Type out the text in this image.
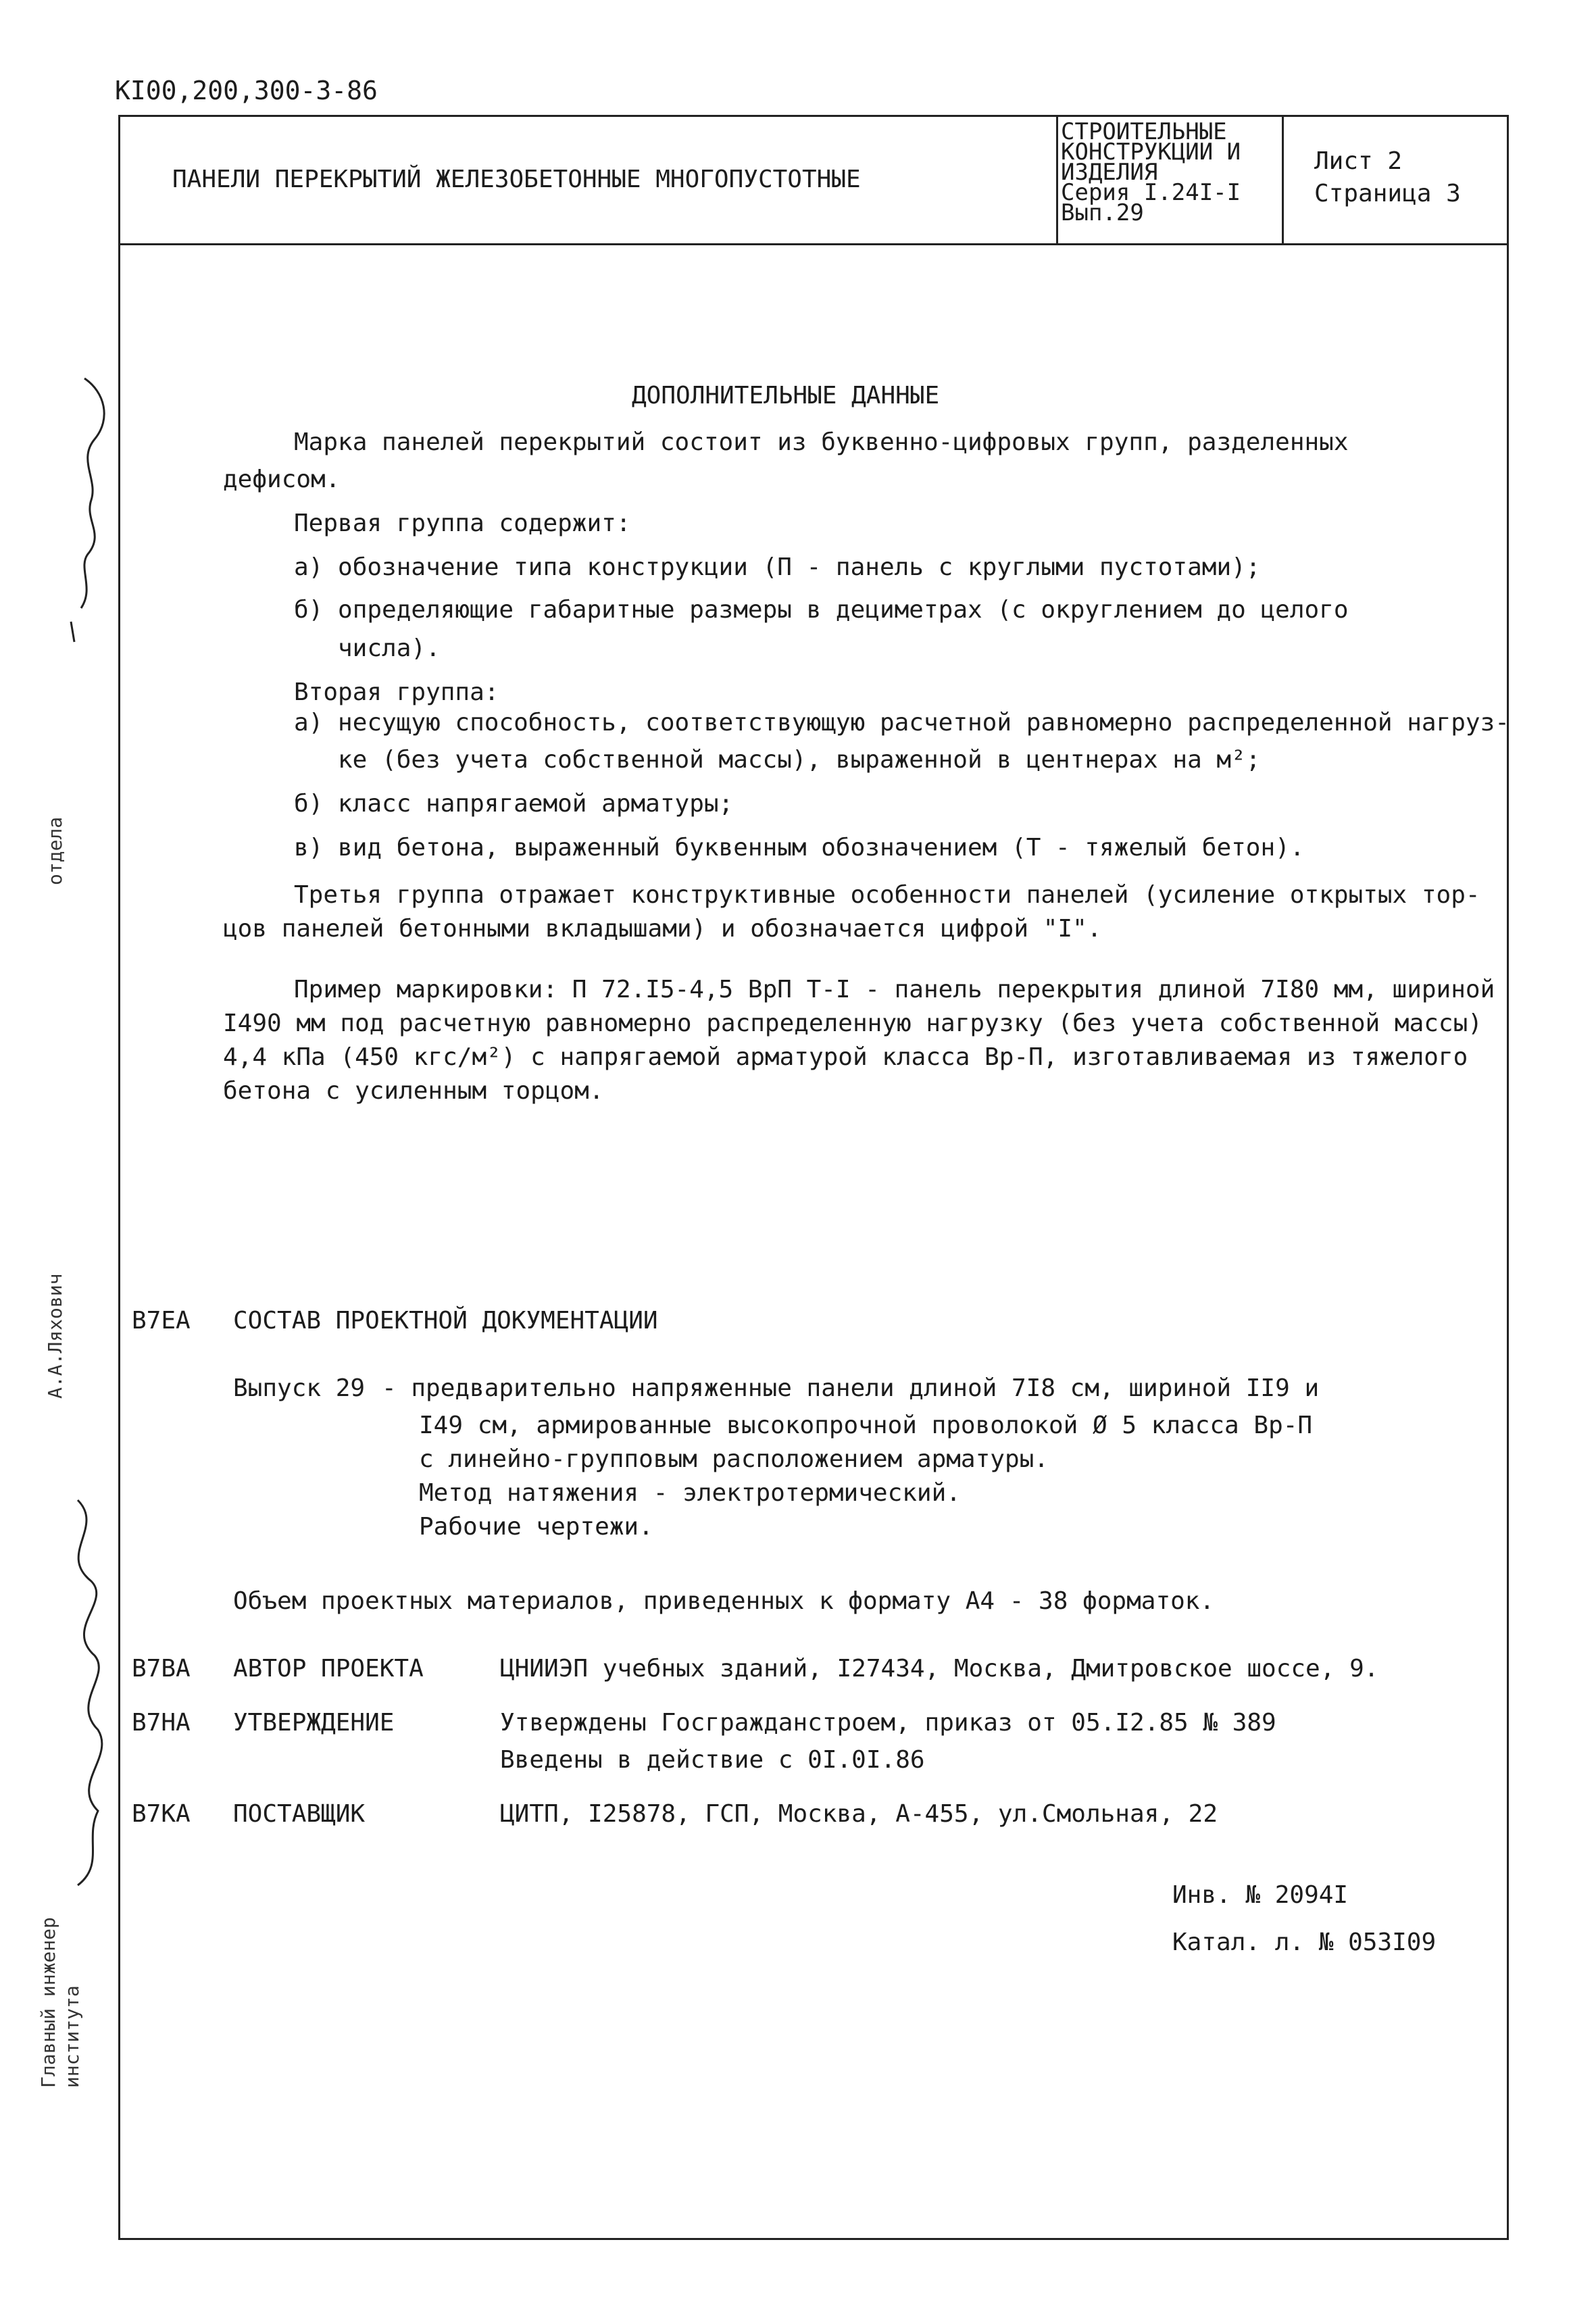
КI00,200,300-3-86
ПАНЕЛИ ПЕРЕКРЫТИЙ ЖЕЛЕЗОБЕТОННЫЕ МНОГОПУСТОТНЫЕ
СТРОИТЕЛЬНЫЕ
КОНСТРУКЦИИ И
ИЗДЕЛИЯ
Серия I.24I-I
Вып.29
Лист 2
Страница 3
ДОПОЛНИТЕЛЬНЫЕ ДАННЫЕ
Марка панелей перекрытий состоит из буквенно-цифровых групп, разделенных
дефисом.
Первая группа содержит:
а) обозначение типа конструкции (П - панель с круглыми пустотами);
б) определяющие габаритные размеры в дециметрах (с округлением до целого
числа).
Вторая группа:
а) несущую способность, соответствующую расчетной равномерно распределенной нагруз-
ке (без учета собственной массы), выраженной в центнерах на м²;
б) класс напрягаемой арматуры;
в) вид бетона, выраженный буквенным обозначением (Т - тяжелый бетон).
Третья группа отражает конструктивные особенности панелей (усиление открытых тор-
цов панелей бетонными вкладышами) и обозначается цифрой "I".
Пример маркировки: П 72.I5-4,5 ВрП Т-I - панель перекрытия длиной 7I80 мм, шириной
I490 мм под расчетную равномерно распределенную нагрузку (без учета собственной массы)
4,4 кПа (450 кгс/м²) с напрягаемой арматурой класса Вр-П, изготавливаемая из тяжелого
бетона с усиленным торцом.
В7ЕА СОСТАВ ПРОЕКТНОЙ ДОКУМЕНТАЦИИ
Выпуск 29 - предварительно напряженные панели длиной 7I8 см, шириной II9 и
I49 см, армированные высокопрочной проволокой Ø 5 класса Вр-П
с линейно-групповым расположением арматуры.
Метод натяжения - электротермический.
Рабочие чертежи.
Объем проектных материалов, приведенных к формату А4 - 38 форматок.
В7ВА АВТОР ПРОЕКТА	ЦНИИЭП учебных зданий, I27434, Москва, Дмитровское шоссе, 9.
В7НА УТВЕРЖДЕНИЕ	Утверждены Госгражданстроем, приказ от 05.I2.85 № 389
Введены в действие с 0I.0I.86
В7КА ПОСТАВЩИК	ЦИТП, I25878, ГСП, Москва, А-455, ул.Смольная, 22
Инв. № 2094I
Катал. л. № 053I09
отдела
А.А.Ляхович
Главный инженер института
